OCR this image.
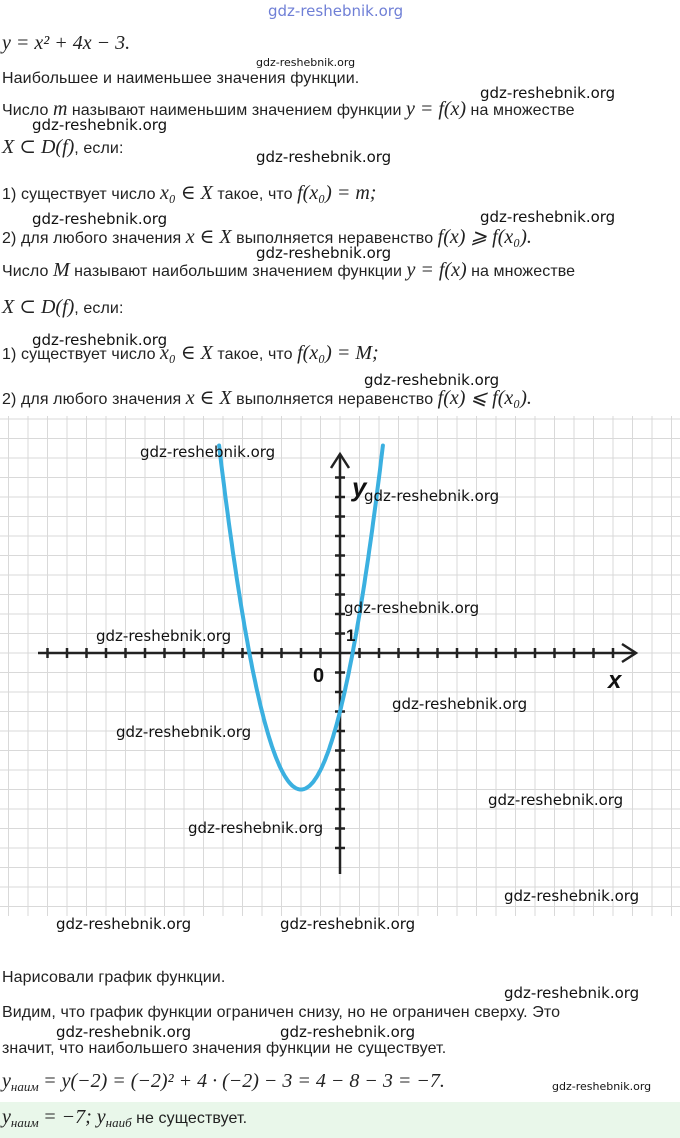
gdz-reshebnik.org
y = x² + 4x − 3.
gdz-reshebnik.org
Наибольшее и наименьшее значения функции.
gdz-reshebnik.org
Число m называют наименьшим значением функции y = f(x) на множестве
gdz-reshebnik.org
X ⊂ D(f), если:	gdz-reshebnik.org
1) существует число x₀ ∈ X такое, что f(x₀) = m;
gdz-reshebnik.org	gdz-reshebnik.org
2) для любого значения x ∈ X выполняется неравенство f(x) ⩾ f(x₀).
gdz-reshebnik.org
Число M называют наибольшим значением функции y = f(x) на множестве
X ⊂ D(f), если:
1) существует число x₀ ∈ X такое, что f(x₀) = M;
gdz-reshebnik.org
gdz-reshebnik.org
2) для любого значения x ∈ X выполняется неравенство f(x) ⩽ f(x₀).
y
x
0
1
gdz-reshebnik.org
gdz-reshebnik.org
gdz-reshebnik.org
gdz-reshebnik.org
gdz-reshebnik.org
gdz-reshebnik.org
gdz-reshebnik.org
gdz-reshebnik.org
gdz-reshebnik.org
gdz-reshebnik.org	gdz-reshebnik.org
Нарисовали график функции.
gdz-reshebnik.org
Видим, что график функции ограничен снизу, но не ограничен сверху. Это
gdz-reshebnik.org	gdz-reshebnik.org
значит, что наибольшего значения функции не существует.
$y_{наим} = y(-2) = (-2)^2 + 4 \cdot (-2) - 3 = 4 - 8 - 3 = -7$.	gdz-reshebnik.org
$y_{наим} = -7$; $y_{наиб}$ не существует.
